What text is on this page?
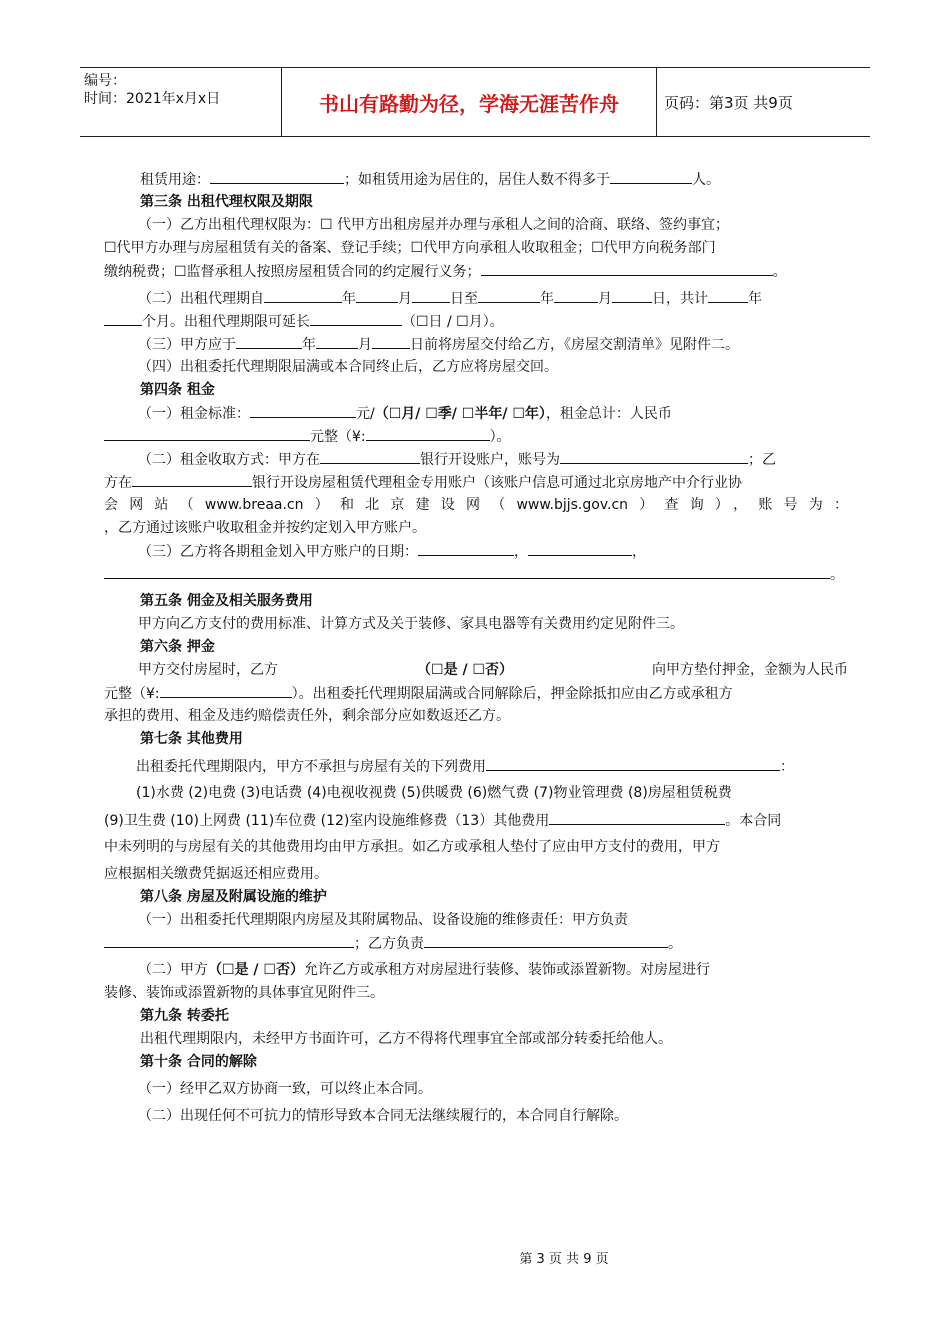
编号：
时间：2021年x月x日	书山有路勤为径，学海无涯苦作舟	页码：第3页 共9页
租赁用途：	；如租赁用途为居住的，居住人数不得多于	人。
第三条 出租代理权限及期限
（一）乙方出租代理权限为：☐ 代甲方出租房屋并办理与承租人之间的洽商、联络、签约事宜；
☐代甲方办理与房屋租赁有关的备案、登记手续；☐代甲方向承租人收取租金；☐代甲方向税务部门
缴纳税费；☐监督承租人按照房屋租赁合同的约定履行义务；	。
（二）出租代理期自	年	月	日至	年	月	日，共计	年
个月。出租代理期限可延长	（☐日 / ☐月）。
（三）甲方应于	年	月	日前将房屋交付给乙方，《房屋交割清单》见附件二。
（四）出租委托代理期限届满或本合同终止后，乙方应将房屋交回。
第四条 租金
（一）租金标准：	元/（☐月/ ☐季/ ☐半年/ ☐年），租金总计：人民币
元整（¥:	）。
（二）租金收取方式：甲方在	银行开设账户，账号为	；乙
方在	银行开设房屋租赁代理租金专用账户（该账户信息可通过北京房地产中介行业协
会网站（www.breaa.cn）和北京建设网（www.bjjs.gov.cn）查询），账号为：
，乙方通过该账户收取租金并按约定划入甲方账户。
（三）乙方将各期租金划入甲方账户的日期：	，	，
。
第五条 佣金及相关服务费用
甲方向乙方支付的费用标准、计算方式及关于装修、家具电器等有关费用约定见附件三。
第六条 押金
甲方交付房屋时，乙方	（☐是 / ☐否）	向甲方垫付押金，金额为人民币
元整（¥:	）。出租委托代理期限届满或合同解除后，押金除抵扣应由乙方或承租方
承担的费用、租金及违约赔偿责任外，剩余部分应如数返还乙方。
第七条 其他费用
出租委托代理期限内，甲方不承担与房屋有关的下列费用	：
(1)水费 (2)电费 (3)电话费 (4)电视收视费 (5)供暖费 (6)燃气费 (7)物业管理费 (8)房屋租赁税费
(9)卫生费 (10)上网费 (11)车位费 (12)室内设施维修费（13）其他费用	。本合同
中未列明的与房屋有关的其他费用均由甲方承担。如乙方或承租人垫付了应由甲方支付的费用，甲方
应根据相关缴费凭据返还相应费用。
第八条 房屋及附属设施的维护
（一）出租委托代理期限内房屋及其附属物品、设备设施的维修责任：甲方负责
；乙方负责	。
（二）甲方（☐是 / ☐否）允许乙方或承租方对房屋进行装修、装饰或添置新物。对房屋进行
装修、装饰或添置新物的具体事宜见附件三。
第九条 转委托
出租代理期限内，未经甲方书面许可，乙方不得将代理事宜全部或部分转委托给他人。
第十条 合同的解除
（一）经甲乙双方协商一致，可以终止本合同。
（二）出现任何不可抗力的情形导致本合同无法继续履行的，本合同自行解除。
第 3 页 共 9 页
